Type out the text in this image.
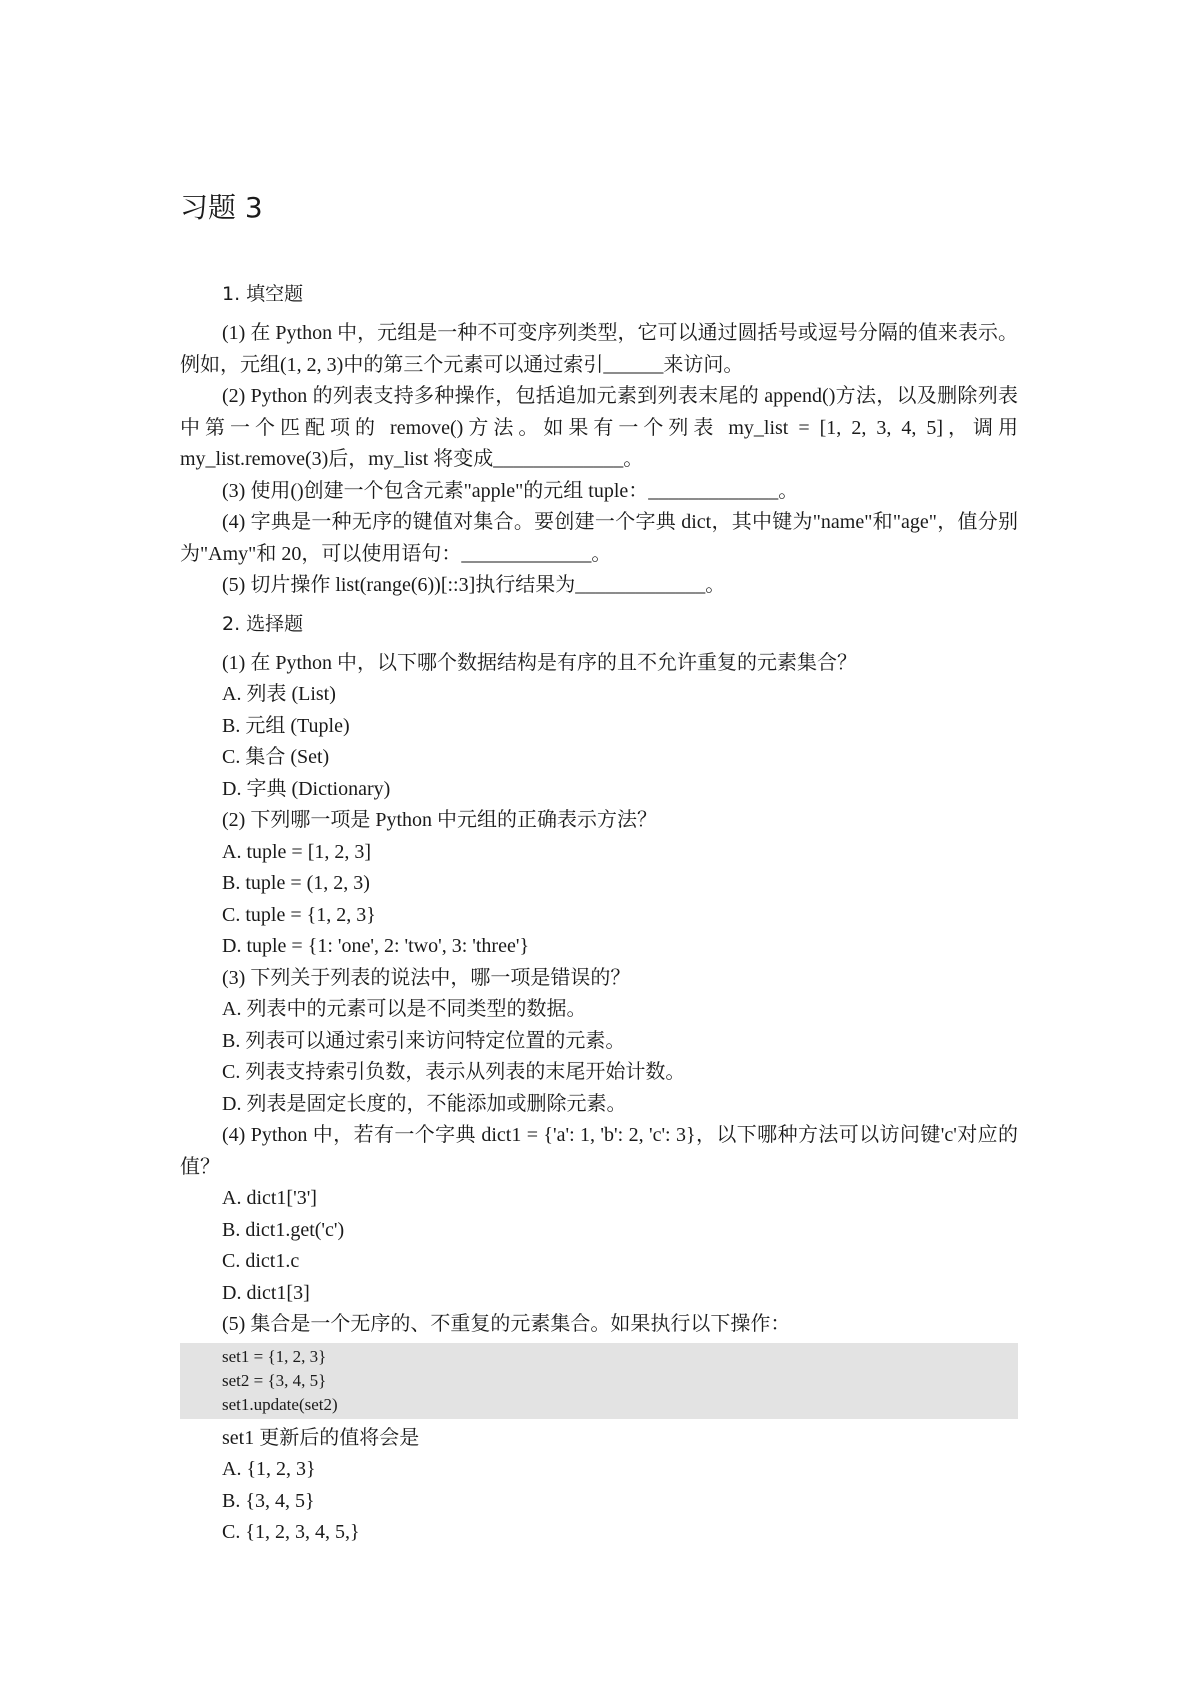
习题 3
1. 填空题

(1) 在 Python 中，元组是一种不可变序列类型，它可以通过圆括号或逗号分隔的值来表示。例如，元组(1, 2, 3)中的第三个元素可以通过索引______来访问。

(2) Python 的列表支持多种操作，包括追加元素到列表末尾的 append()方法，以及删除列表中第一个匹配项的 remove()方法。如果有一个列表 my_list = [1, 2, 3, 4, 5]，调用 my_list.remove(3)后，my_list 将变成_____________。

(3) 使用()创建一个包含元素"apple"的元组 tuple：_____________。

(4) 字典是一种无序的键值对集合。要创建一个字典 dict，其中键为"name"和"age"，值分别为"Amy"和 20，可以使用语句：_____________。

(5) 切片操作 list(range(6))[::3]执行结果为_____________。

2. 选择题

(1) 在 Python 中，以下哪个数据结构是有序的且不允许重复的元素集合？

A. 列表 (List)
B. 元组 (Tuple)
C. 集合 (Set)
D. 字典 (Dictionary)

(2) 下列哪一项是 Python 中元组的正确表示方法？

A. tuple = [1, 2, 3]
B. tuple = (1, 2, 3)
C. tuple = {1, 2, 3}
D. tuple = {1: 'one', 2: 'two', 3: 'three'}

(3) 下列关于列表的说法中，哪一项是错误的？

A. 列表中的元素可以是不同类型的数据。
B. 列表可以通过索引来访问特定位置的元素。
C. 列表支持索引负数，表示从列表的末尾开始计数。
D. 列表是固定长度的，不能添加或删除元素。

(4) Python 中，若有一个字典 dict1 = {'a': 1, 'b': 2, 'c': 3}，以下哪种方法可以访问键'c'对应的值？

A. dict1['3']
B. dict1.get('c')
C. dict1.c
D. dict1[3]

(5) 集合是一个无序的、不重复的元素集合。如果执行以下操作：

set1 = {1, 2, 3}
set2 = {3, 4, 5}
set1.update(set2)
set1 更新后的值将会是
A. {1, 2, 3}
B. {3, 4, 5}
C. {1, 2, 3, 4, 5,}
